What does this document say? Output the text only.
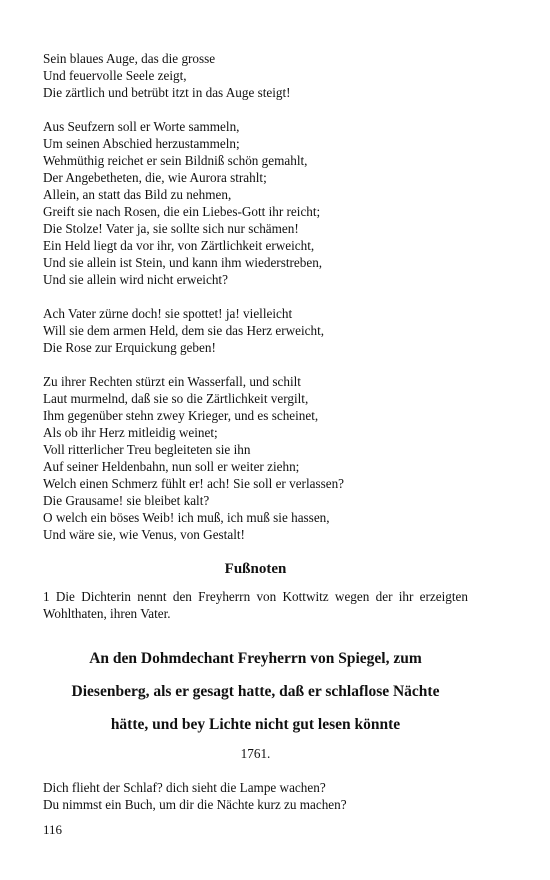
Sein blaues Auge, das die grosse
Und feuervolle Seele zeigt,
Die zärtlich und betrübt itzt in das Auge steigt!
Aus Seufzern soll er Worte sammeln,
Um seinen Abschied herzustammeln;
Wehmüthig reichet er sein Bildniß schön gemahlt,
Der Angebetheten, die, wie Aurora strahlt;
Allein, an statt das Bild zu nehmen,
Greift sie nach Rosen, die ein Liebes-Gott ihr reicht;
Die Stolze! Vater ja, sie sollte sich nur schämen!
Ein Held liegt da vor ihr, von Zärtlichkeit erweicht,
Und sie allein ist Stein, und kann ihm wiederstreben,
Und sie allein wird nicht erweicht?
Ach Vater zürne doch! sie spottet! ja! vielleicht
Will sie dem armen Held, dem sie das Herz erweicht,
Die Rose zur Erquickung geben!
Zu ihrer Rechten stürzt ein Wasserfall, und schilt
Laut murmelnd, daß sie so die Zärtlichkeit vergilt,
Ihm gegenüber stehn zwey Krieger, und es scheinet,
Als ob ihr Herz mitleidig weinet;
Voll ritterlicher Treu begleiteten sie ihn
Auf seiner Heldenbahn, nun soll er weiter ziehn;
Welch einen Schmerz fühlt er! ach! Sie soll er verlassen?
Die Grausame! sie bleibet kalt?
O welch ein böses Weib! ich muß, ich muß sie hassen,
Und wäre sie, wie Venus, von Gestalt!
Fußnoten
1 Die Dichterin nennt den Freyherrn von Kottwitz wegen der ihr erzeigten Wohlthaten, ihren Vater.
An den Dohmdechant Freyherrn von Spiegel, zum
Diesenberg, als er gesagt hatte, daß er schlaflose Nächte
hätte, und bey Lichte nicht gut lesen könnte
1761.
Dich flieht der Schlaf? dich sieht die Lampe wachen?
Du nimmst ein Buch, um dir die Nächte kurz zu machen?
116
